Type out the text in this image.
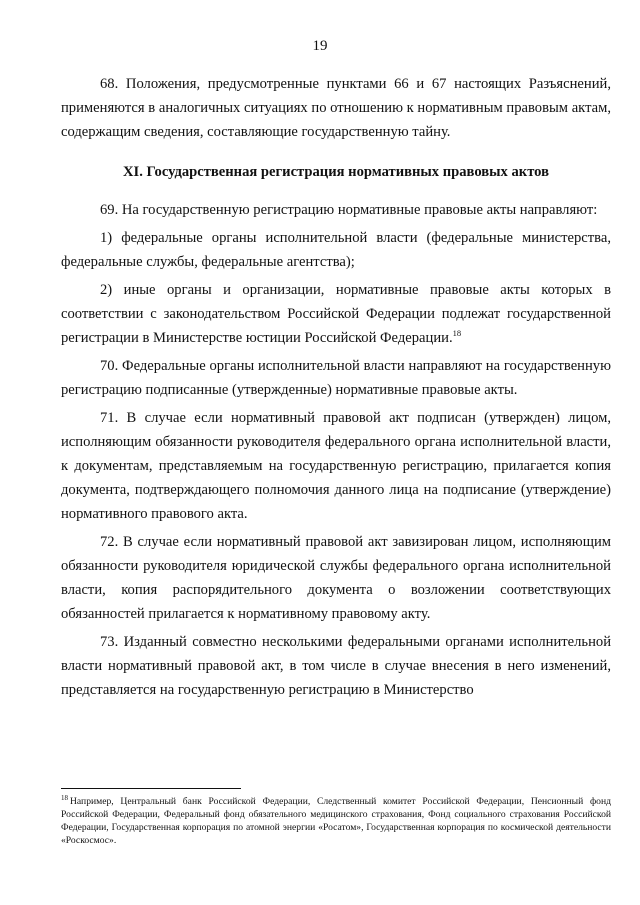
19

68. Положения, предусмотренные пунктами 66 и 67 настоящих Разъяснений, применяются в аналогичных ситуациях по отношению к нормативным правовым актам, содержащим сведения, составляющие государственную тайну.

XI. Государственная регистрация нормативных правовых актов

69. На государственную регистрацию нормативные правовые акты направляют:

1) федеральные органы исполнительной власти (федеральные министерства, федеральные службы, федеральные агентства);

2) иные органы и организации, нормативные правовые акты которых в соответствии с законодательством Российской Федерации подлежат государственной регистрации в Министерстве юстиции Российской Федерации.$^{18}$

70. Федеральные органы исполнительной власти направляют на государственную регистрацию подписанные (утвержденные) нормативные правовые акты.

71. В случае если нормативный правовой акт подписан (утвержден) лицом, исполняющим обязанности руководителя федерального органа исполнительной власти, к документам, представляемым на государственную регистрацию, прилагается копия документа, подтверждающего полномочия данного лица на подписание (утверждение) нормативного правового акта.

72. В случае если нормативный правовой акт завизирован лицом, исполняющим обязанности руководителя юридической службы федерального органа исполнительной власти, копия распорядительного документа о возложении соответствующих обязанностей прилагается к нормативному правовому акту.

73. Изданный совместно несколькими федеральными органами исполнительной власти нормативный правовой акт, в том числе в случае внесения в него изменений, представляется на государственную регистрацию в Министерство

$^{18}$ Например, Центральный банк Российской Федерации, Следственный комитет Российской Федерации, Пенсионный фонд Российской Федерации, Федеральный фонд обязательного медицинского страхования, Фонд социального страхования Российской Федерации, Государственная корпорация по атомной энергии «Росатом», Государственная корпорация по космической деятельности «Роскосмос».
